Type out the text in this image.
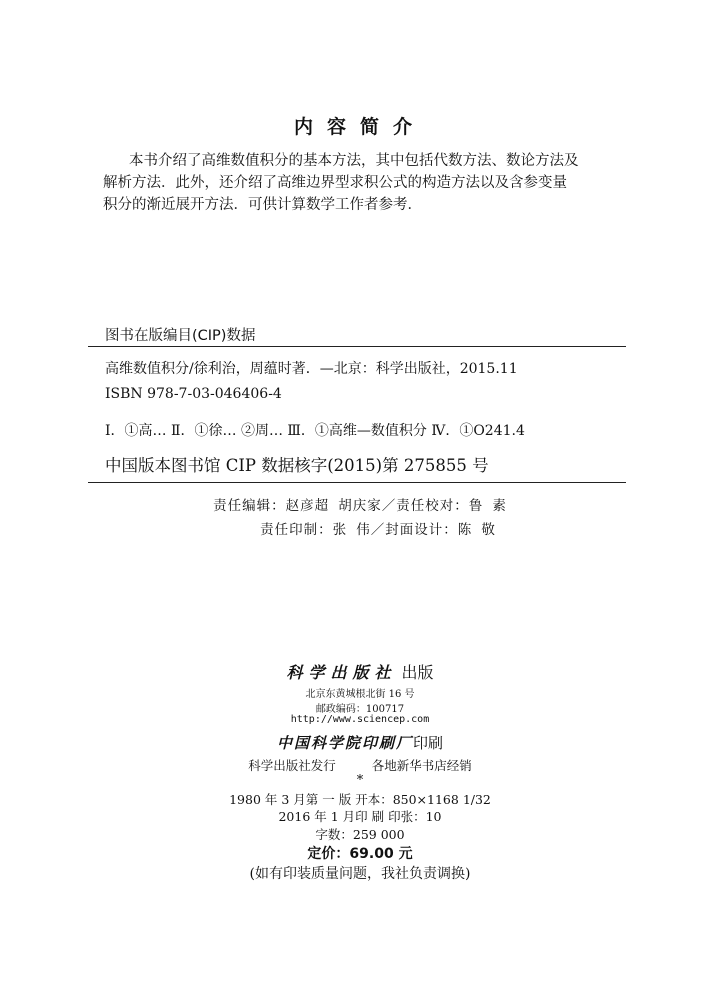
内容简介
本书介绍了高维数值积分的基本方法，其中包括代数方法、数论方法及
解析方法．此外，还介绍了高维边界型求积公式的构造方法以及含参变量
积分的渐近展开方法．可供计算数学工作者参考．
图书在版编目(CIP)数据
高维数值积分/徐利治，周蕴时著．—北京：科学出版社，2015.11
ISBN 978-7-03-046406-4
Ⅰ．①高… Ⅱ．①徐… ②周… Ⅲ．①高维—数值积分 Ⅳ．①O241.4
中国版本图书馆 CIP 数据核字(2015)第 275855 号
责任编辑：赵彦超 胡庆家／责任校对：鲁 素
责任印制：张 伟／封面设计：陈 敬
科学出版社 出版
北京东黄城根北街 16 号
邮政编码：100717
http://www.sciencep.com
中国科学院印刷厂印刷
科学出版社发行	各地新华书店经销
*
1980 年 3 月第 一 版 开本：850×1168 1/32
2016 年 1 月印 刷 印张：10
字数：259 000
定价：69.00 元
(如有印装质量问题，我社负责调换)
